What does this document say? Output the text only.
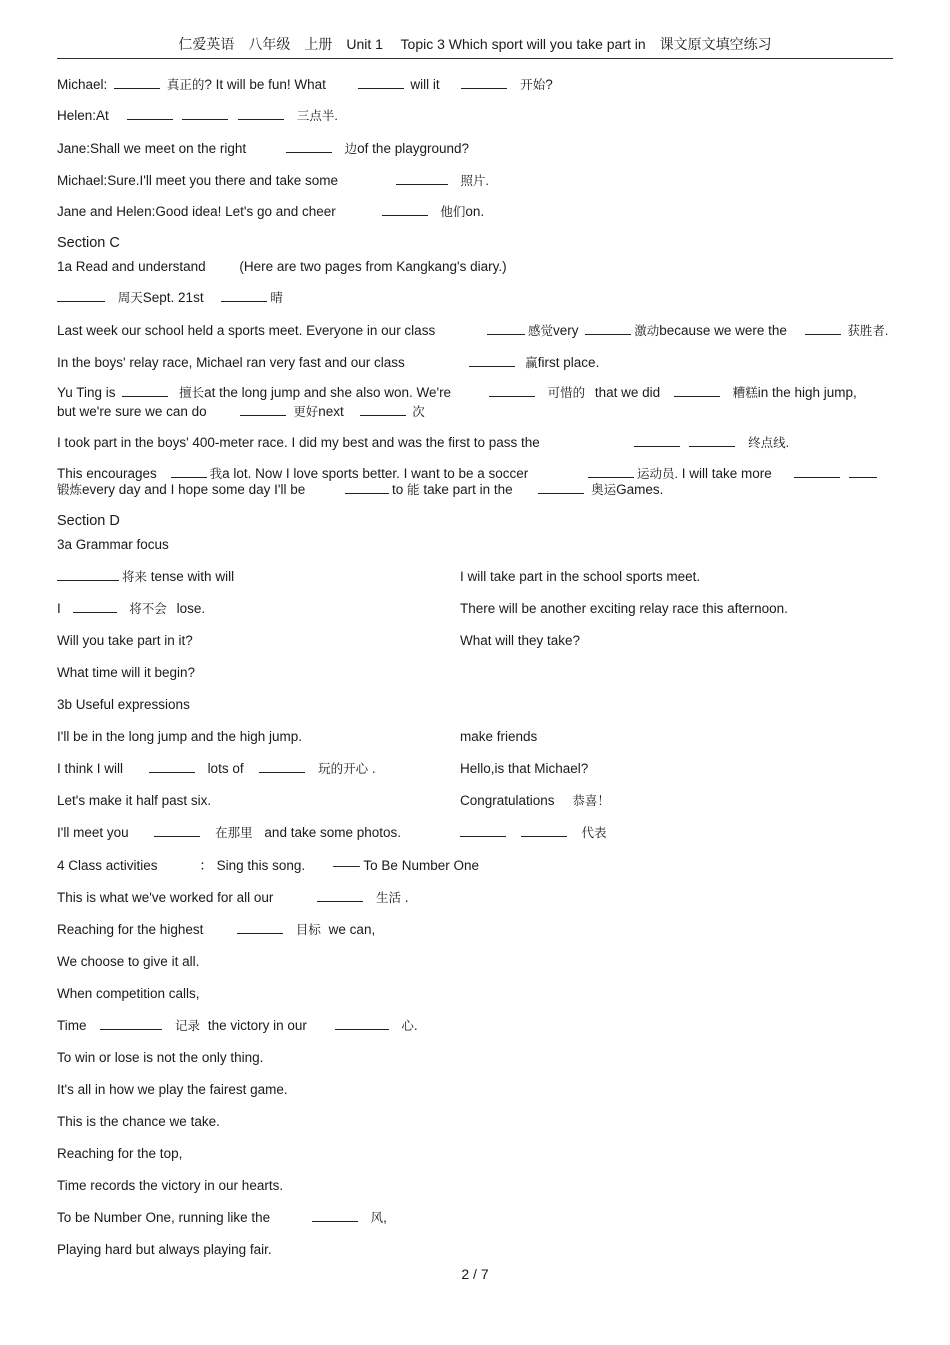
仁爱英语　八年级　上册　Unit 1　 Topic 3 Which sport will you take part in　课文原文填空练习
Michael:	真正的? It will be fun! What	will it	开始?
Helen:At	三点半.
Jane:Shall we meet on the right	边of the playground?
Michael:Sure.I'll meet you there and take some	照片.
Jane and Helen:Good idea! Let's go and cheer	他们on.
Section C
1a Read and understand	(Here are two pages from Kangkang's diary.)
周天Sept. 21st	晴
Last week our school held a sports meet. Everyone in our class	感觉very	激动because we were the	获胜者.
In the boys' relay race, Michael ran very fast and our class	赢first place.
Yu Ting is	擅长at the long jump and she also won. We're	可惜的 that we did	糟糕in the high jump,
but we're sure we can do	更好next	次
I took part in the boys' 400-meter race. I did my best and was the first to pass the	终点线.
This encourages	我a lot. Now I love sports better. I want to be a soccer	运动员. I will take more
锻炼every day and I hope some day I'll be	to 能 take part in the	奥运Games.
Section D
3a Grammar focus
将来 tense with will	I will take part in the school sports meet.
I	将不会 lose.	There will be another exciting relay race this afternoon.
Will you take part in it?	What will they take?
What time will it begin?
3b Useful expressions
I'll be in the long jump and the high jump.	make friends
I think I will	lots of	玩的开心 .	Hello,is that Michael?
Let's make it half past six.	Congratulations 恭喜！
I'll meet you	在那里 and take some photos.	代表
4 Class activities	： Sing this song. —— To Be Number One
This is what we've worked for all our	生活 .
Reaching for the highest	目标 we can,
We choose to give it all.
When competition calls,
Time	记录 the victory in our	心.
To win or lose is not the only thing.
It's all in how we play the fairest game.
This is the chance we take.
Reaching for the top,
Time records the victory in our hearts.
To be Number One, running like the	风,
Playing hard but always playing fair.
2 / 7
